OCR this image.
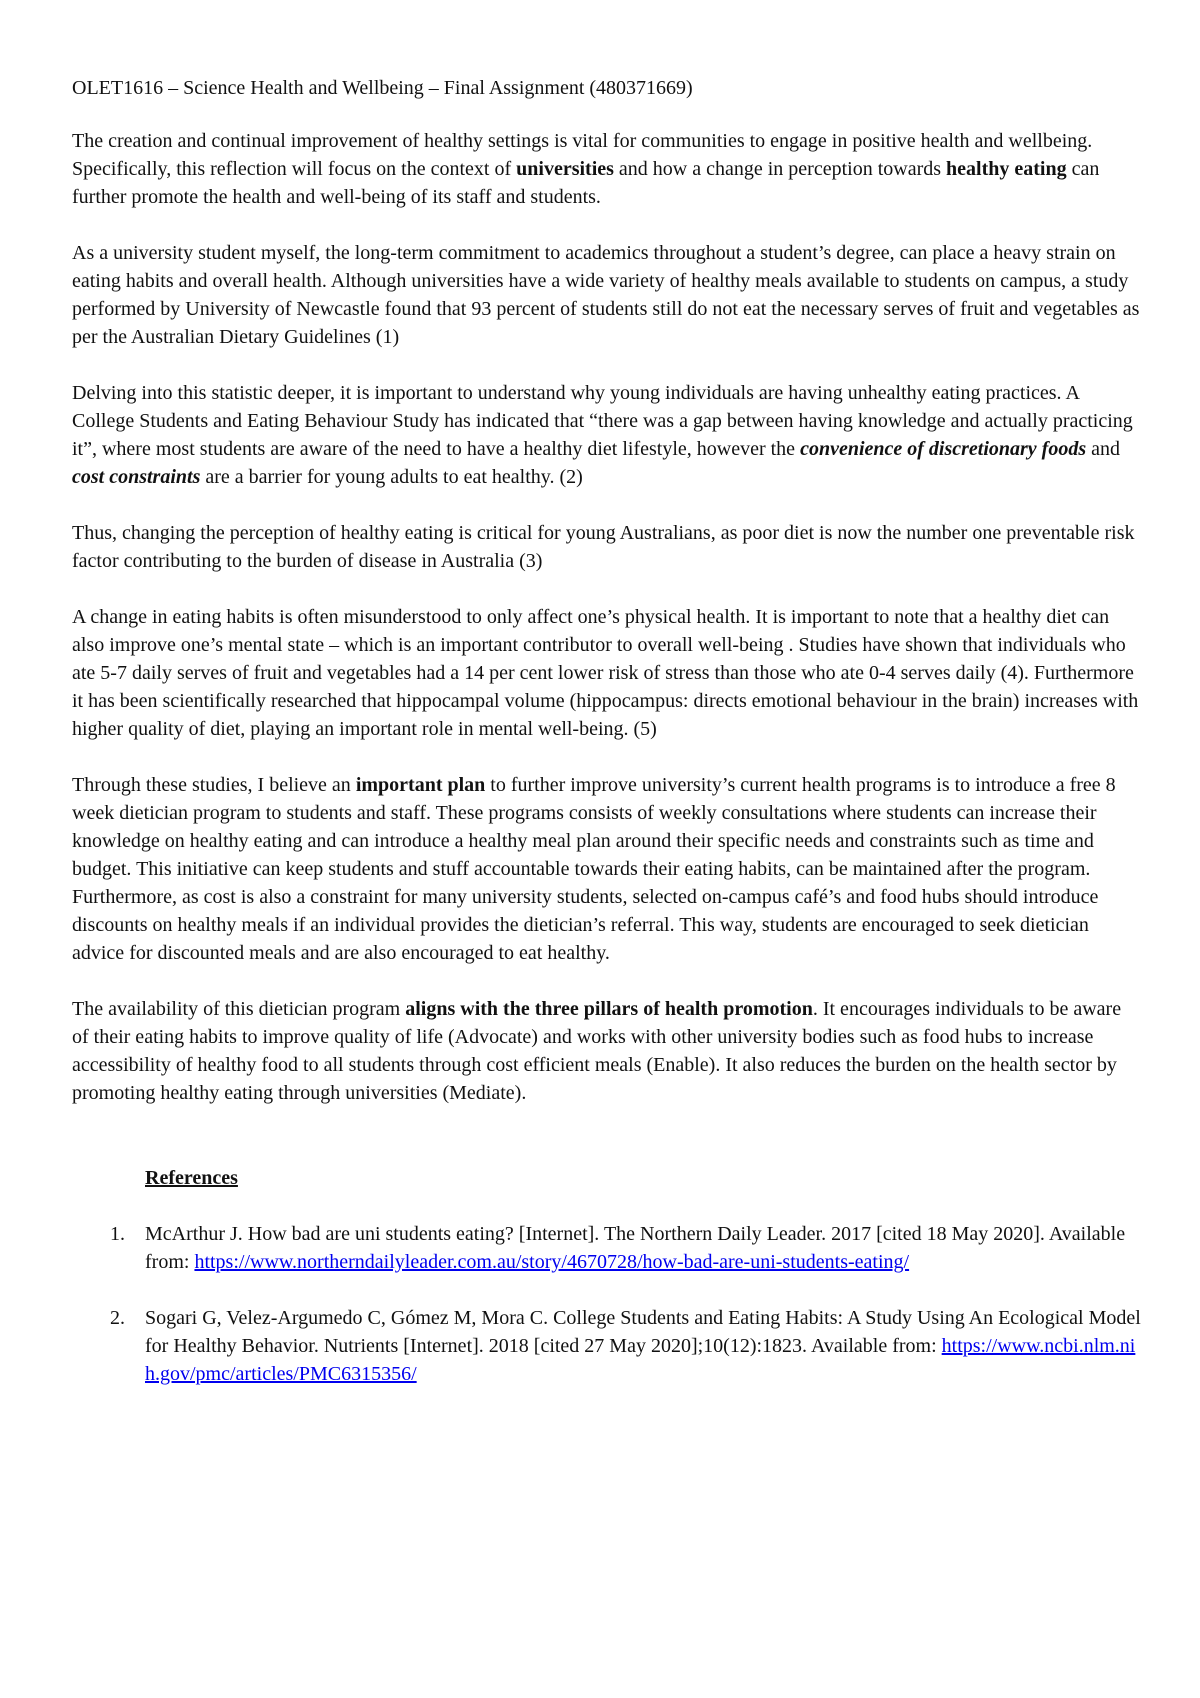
OLET1616 – Science Health and Wellbeing – Final Assignment (480371669)

The creation and continual improvement of healthy settings is vital for communities to engage in positive health and wellbeing. Specifically, this reflection will focus on the context of universities and how a change in perception towards healthy eating can further promote the health and well-being of its staff and students.

As a university student myself, the long-term commitment to academics throughout a student’s degree, can place a heavy strain on eating habits and overall health. Although universities have a wide variety of healthy meals available to students on campus, a study performed by University of Newcastle found that 93 percent of students still do not eat the necessary serves of fruit and vegetables as per the Australian Dietary Guidelines (1)

Delving into this statistic deeper, it is important to understand why young individuals are having unhealthy eating practices. A College Students and Eating Behaviour Study has indicated that “there was a gap between having knowledge and actually practicing it”, where most students are aware of the need to have a healthy diet lifestyle, however the convenience of discretionary foods and cost constraints are a barrier for young adults to eat healthy. (2)

Thus, changing the perception of healthy eating is critical for young Australians, as poor diet is now the number one preventable risk factor contributing to the burden of disease in Australia (3)

A change in eating habits is often misunderstood to only affect one’s physical health. It is important to note that a healthy diet can also improve one’s mental state – which is an important contributor to overall well-being . Studies have shown that individuals who ate 5-7 daily serves of fruit and vegetables had a 14 per cent lower risk of stress than those who ate 0-4 serves daily (4). Furthermore it has been scientifically researched that hippocampal volume (hippocampus: directs emotional behaviour in the brain) increases with higher quality of diet, playing an important role in mental well-being. (5)

Through these studies, I believe an important plan to further improve university’s current health programs is to introduce a free 8 week dietician program to students and staff. These programs consists of weekly consultations where students can increase their knowledge on healthy eating and can introduce a healthy meal plan around their specific needs and constraints such as time and budget. This initiative can keep students and stuff accountable towards their eating habits, can be maintained after the program. Furthermore, as cost is also a constraint for many university students, selected on-campus café’s and food hubs should introduce discounts on healthy meals if an individual provides the dietician’s referral. This way, students are encouraged to seek dietician advice for discounted meals and are also encouraged to eat healthy.

The availability of this dietician program aligns with the three pillars of health promotion. It encourages individuals to be aware of their eating habits to improve quality of life (Advocate) and works with other university bodies such as food hubs to increase accessibility of healthy food to all students through cost efficient meals (Enable). It also reduces the burden on the health sector by promoting healthy eating through universities (Mediate).

References
1. McArthur J. How bad are uni students eating? [Internet]. The Northern Daily Leader. 2017 [cited 18 May 2020]. Available from: https://www.northerndailyleader.com.au/story/4670728/how-bad-are-uni-students-eating/
2. Sogari G, Velez-Argumedo C, Gómez M, Mora C. College Students and Eating Habits: A Study Using An Ecological Model for Healthy Behavior. Nutrients [Internet]. 2018 [cited 27 May 2020];10(12):1823. Available from: https://www.ncbi.nlm.nih.gov/pmc/articles/PMC6315356/
